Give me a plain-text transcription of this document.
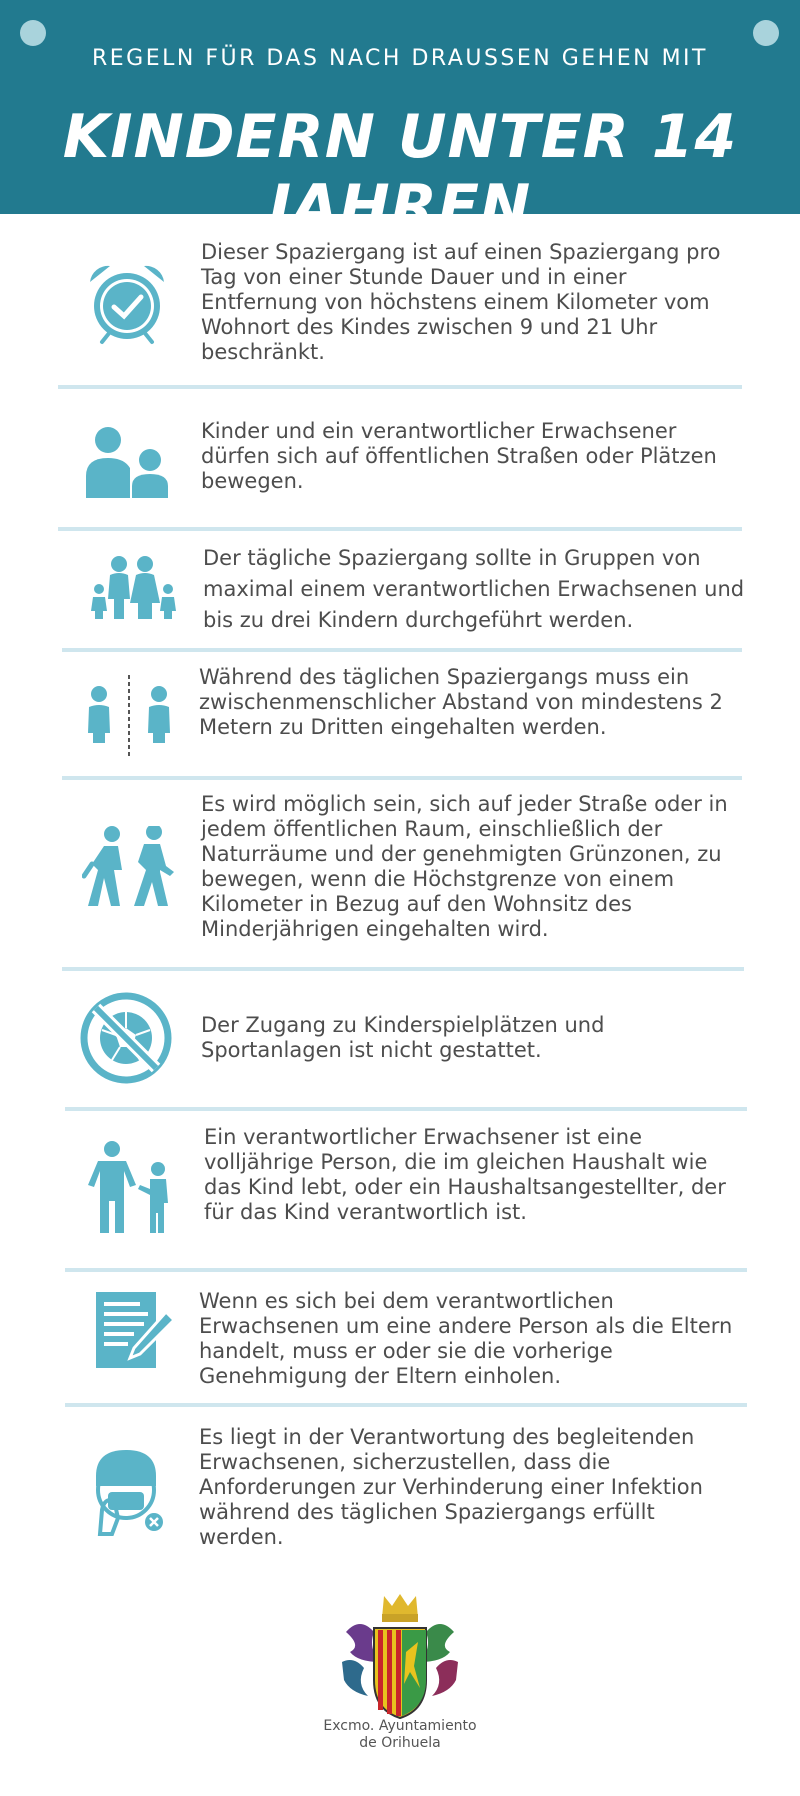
REGELN FÜR DAS NACH DRAUSSEN GEHEN MIT
KINDERN UNTER 14 JAHREN
Dieser Spaziergang ist auf einen Spaziergang pro Tag von einer Stunde Dauer und in einer Entfernung von höchstens einem Kilometer vom Wohnort des Kindes zwischen 9 und 21 Uhr beschränkt.
Kinder und ein verantwortlicher Erwachsener dürfen sich auf öffentlichen Straßen oder Plätzen bewegen.
Der tägliche Spaziergang sollte in Gruppen von maximal einem verantwortlichen Erwachsenen und bis zu drei Kindern durchgeführt werden.
Während des täglichen Spaziergangs muss ein zwischenmenschlicher Abstand von mindestens 2 Metern zu Dritten eingehalten werden.
Es wird möglich sein, sich auf jeder Straße oder in jedem öffentlichen Raum, einschließlich der Naturräume und der genehmigten Grünzonen, zu bewegen, wenn die Höchstgrenze von einem Kilometer in Bezug auf den Wohnsitz des Minderjährigen eingehalten wird.
Der Zugang zu Kinderspielplätzen und Sportanlagen ist nicht gestattet.
Ein verantwortlicher Erwachsener ist eine volljährige Person, die im gleichen Haushalt wie das Kind lebt, oder ein Haushaltsangestellter, der für das Kind verantwortlich ist.
Wenn es sich bei dem verantwortlichen Erwachsenen um eine andere Person als die Eltern handelt, muss er oder sie die vorherige Genehmigung der Eltern einholen.
Es liegt in der Verantwortung des begleitenden Erwachsenen, sicherzustellen, dass die Anforderungen zur Verhinderung einer Infektion während des täglichen Spaziergangs erfüllt werden.
Excmo. Ayuntamiento
de Orihuela
